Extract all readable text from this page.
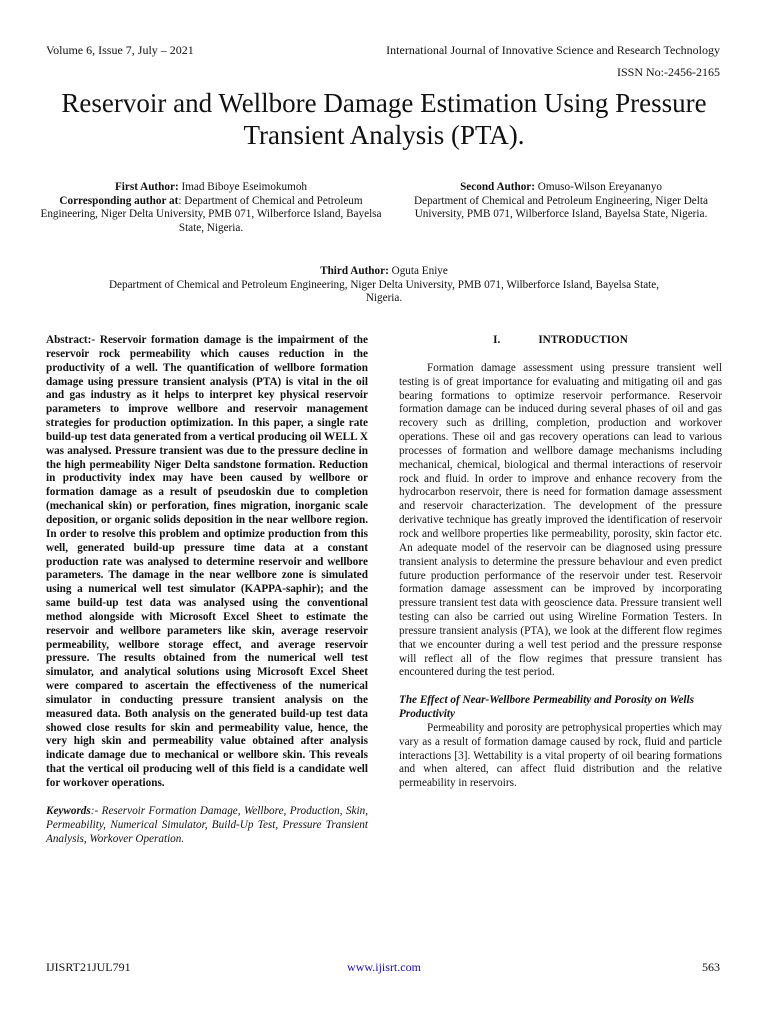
Volume 6, Issue 7, July – 2021	International Journal of Innovative Science and Research Technology
ISSN No:-2456-2165
Reservoir and Wellbore Damage Estimation Using Pressure Transient Analysis (PTA).
First Author: Imad Biboye Eseimokumoh
Corresponding author at: Department of Chemical and Petroleum Engineering, Niger Delta University, PMB 071, Wilberforce Island, Bayelsa State, Nigeria.
Second Author: Omuso-Wilson Ereyananyo
Department of Chemical and Petroleum Engineering, Niger Delta University, PMB 071, Wilberforce Island, Bayelsa State, Nigeria.
Third Author: Oguta Eniye
Department of Chemical and Petroleum Engineering, Niger Delta University, PMB 071, Wilberforce Island, Bayelsa State, Nigeria.

Abstract:- Reservoir formation damage is the impairment of the reservoir rock permeability which causes reduction in the productivity of a well. The quantification of wellbore formation damage using pressure transient analysis (PTA) is vital in the oil and gas industry as it helps to interpret key physical reservoir parameters to improve wellbore and reservoir management strategies for production optimization. In this paper, a single rate build-up test data generated from a vertical producing oil WELL X was analysed. Pressure transient was due to the pressure decline in the high permeability Niger Delta sandstone formation. Reduction in productivity index may have been caused by wellbore or formation damage as a result of pseudoskin due to completion (mechanical skin) or perforation, fines migration, inorganic scale deposition, or organic solids deposition in the near wellbore region. In order to resolve this problem and optimize production from this well, generated build-up pressure time data at a constant production rate was analysed to determine reservoir and wellbore parameters. The damage in the near wellbore zone is simulated using a numerical well test simulator (KAPPA-saphir); and the same build-up test data was analysed using the conventional method alongside with Microsoft Excel Sheet to estimate the reservoir and wellbore parameters like skin, average reservoir permeability, wellbore storage effect, and average reservoir pressure. The results obtained from the numerical well test simulator, and analytical solutions using Microsoft Excel Sheet were compared to ascertain the effectiveness of the numerical simulator in conducting pressure transient analysis on the measured data. Both analysis on the generated build-up test data showed close results for skin and permeability value, hence, the very high skin and permeability value obtained after analysis indicate damage due to mechanical or wellbore skin. This reveals that the vertical oil producing well of this field is a candidate well for workover operations.

Keywords:- Reservoir Formation Damage, Wellbore, Production, Skin, Permeability, Numerical Simulator, Build-Up Test, Pressure Transient Analysis, Workover Operation.

I.	INTRODUCTION

Formation damage assessment using pressure transient well testing is of great importance for evaluating and mitigating oil and gas bearing formations to optimize reservoir performance. Reservoir formation damage can be induced during several phases of oil and gas recovery such as drilling, completion, production and workover operations. These oil and gas recovery operations can lead to various processes of formation and wellbore damage mechanisms including mechanical, chemical, biological and thermal interactions of reservoir rock and fluid. In order to improve and enhance recovery from the hydrocarbon reservoir, there is need for formation damage assessment and reservoir characterization. The development of the pressure derivative technique has greatly improved the identification of reservoir rock and wellbore properties like permeability, porosity, skin factor etc. An adequate model of the reservoir can be diagnosed using pressure transient analysis to determine the pressure behaviour and even predict future production performance of the reservoir under test. Reservoir formation damage assessment can be improved by incorporating pressure transient test data with geoscience data. Pressure transient well testing can also be carried out using Wireline Formation Testers. In pressure transient analysis (PTA), we look at the different flow regimes that we encounter during a well test period and the pressure response will reflect all of the flow regimes that pressure transient has encountered during the test period.

The Effect of Near-Wellbore Permeability and Porosity on Wells Productivity

Permeability and porosity are petrophysical properties which may vary as a result of formation damage caused by rock, fluid and particle interactions [3]. Wettability is a vital property of oil bearing formations and when altered, can affect fluid distribution and the relative permeability in reservoirs.

IJISRT21JUL791	www.ijisrt.com	563
